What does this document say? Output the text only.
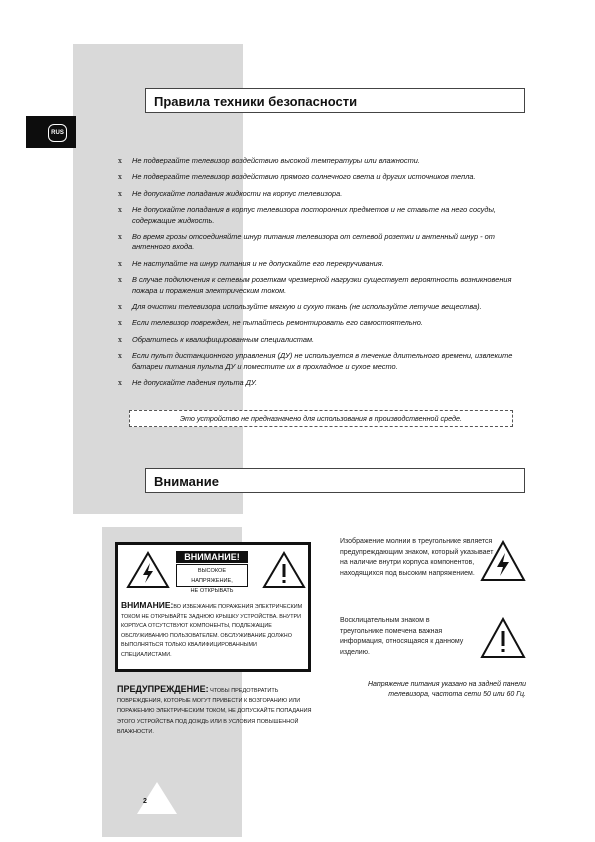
RUS
Правила техники безопасности
x Не подвергайте телевизор воздействию высокой температуры или влажности.
x Не подвергайте телевизор воздействию прямого солнечного света и других источников тепла.
x Не допускайте попадания жидкости на корпус телевизора.
x Не допускайте попадания в корпус телевизора посторонних предметов и не ставьте на него сосуды, содержащие жидкость.
x Во время грозы отсоединяйте шнур питания телевизора от сетевой розетки и антенный шнур - от антенного входа.
x Не наступайте на шнур питания и не допускайте его перекручивания.
x В случае подключения к сетевым розеткам чрезмерной нагрузки существует вероятность возникновения пожара и поражения электрическим током.
x Для очистки телевизора используйте мягкую и сухую ткань (не используйте летучие вещества).
x Если телевизор поврежден, не пытайтесь ремонтировать его самостоятельно.
x Обратитесь к квалифицированным специалистам.
x Если пульт дистанционного управления (ДУ) не используется в течение длительного времени, извлеките батареи питания пульта ДУ и поместите их в прохладное и сухое место.
x Не допускайте падения пульта ДУ.
Это устройство не предназначено для использования в производственной среде.
Внимание
ВНИМАНИЕ!
ВЫСОКОЕ НАПРЯЖЕНИЕ,
НЕ ОТКРЫВАТЬ
ВНИМАНИЕ:ВО ИЗБЕЖАНИЕ ПОРАЖЕНИЯ ЭЛЕКТРИЧЕСКИМ ТОКОМ НЕ ОТКРЫВАЙТЕ ЗАДНЮЮ КРЫШКУ УСТРОЙСТВА. ВНУТРИ КОРПУСА ОТСУТСТВУЮТ КОМПОНЕНТЫ, ПОДЛЕЖАЩИЕ ОБСЛУЖИВАНИЮ ПОЛЬЗОВАТЕЛЕМ. ОБСЛУЖИВАНИЕ ДОЛЖНО ВЫПОЛНЯТЬСЯ ТОЛЬКО КВАЛИФИЦИРОВАННЫМИ СПЕЦИАЛИСТАМИ.
ПРЕДУПРЕЖДЕНИЕ: ЧТОБЫ ПРЕДОТВРАТИТЬ ПОВРЕЖДЕНИЯ, КОТОРЫЕ МОГУТ ПРИВЕСТИ К ВОЗГОРАНИЮ ИЛИ ПОРАЖЕНИЮ ЭЛЕКТРИЧЕСКИМ ТОКОМ, НЕ ДОПУСКАЙТЕ ПОПАДАНИЯ ЭТОГО УСТРОЙСТВА ПОД ДОЖДЬ ИЛИ В УСЛОВИЯ ПОВЫШЕННОЙ ВЛАЖНОСТИ.
Изображение молнии в треугольнике является предупреждающим знаком, который указывает на наличие внутри корпуса компонентов, находящихся под высоким напряжением.
Восклицательным знаком в треугольнике помечена важная информация, относящаяся к данному изделию.
Напряжение питания указано на задней панели телевизора, частота сети 50 или 60 Гц.
2
